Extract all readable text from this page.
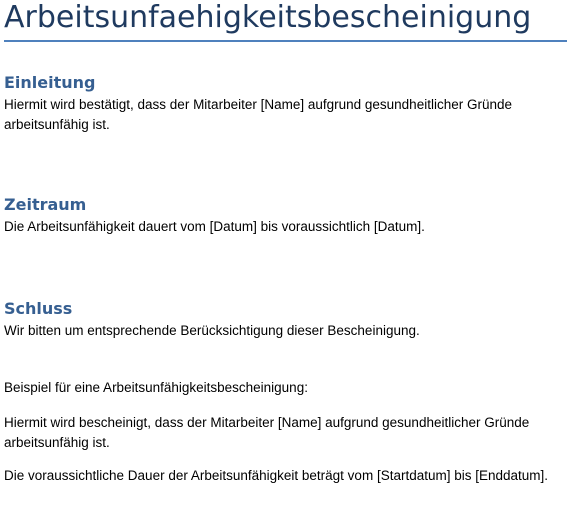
Arbeitsunfaehigkeitsbescheinigung
Einleitung

Hiermit wird bestätigt, dass der Mitarbeiter [Name] aufgrund gesundheitlicher Gründe arbeitsunfähig ist.

Zeitraum

Die Arbeitsunfähigkeit dauert vom [Datum] bis voraussichtlich [Datum].

Schluss

Wir bitten um entsprechende Berücksichtigung dieser Bescheinigung.

Beispiel für eine Arbeitsunfähigkeitsbescheinigung:

Hiermit wird bescheinigt, dass der Mitarbeiter [Name] aufgrund gesundheitlicher Gründe arbeitsunfähig ist.

Die voraussichtliche Dauer der Arbeitsunfähigkeit beträgt vom [Startdatum] bis [Enddatum].
